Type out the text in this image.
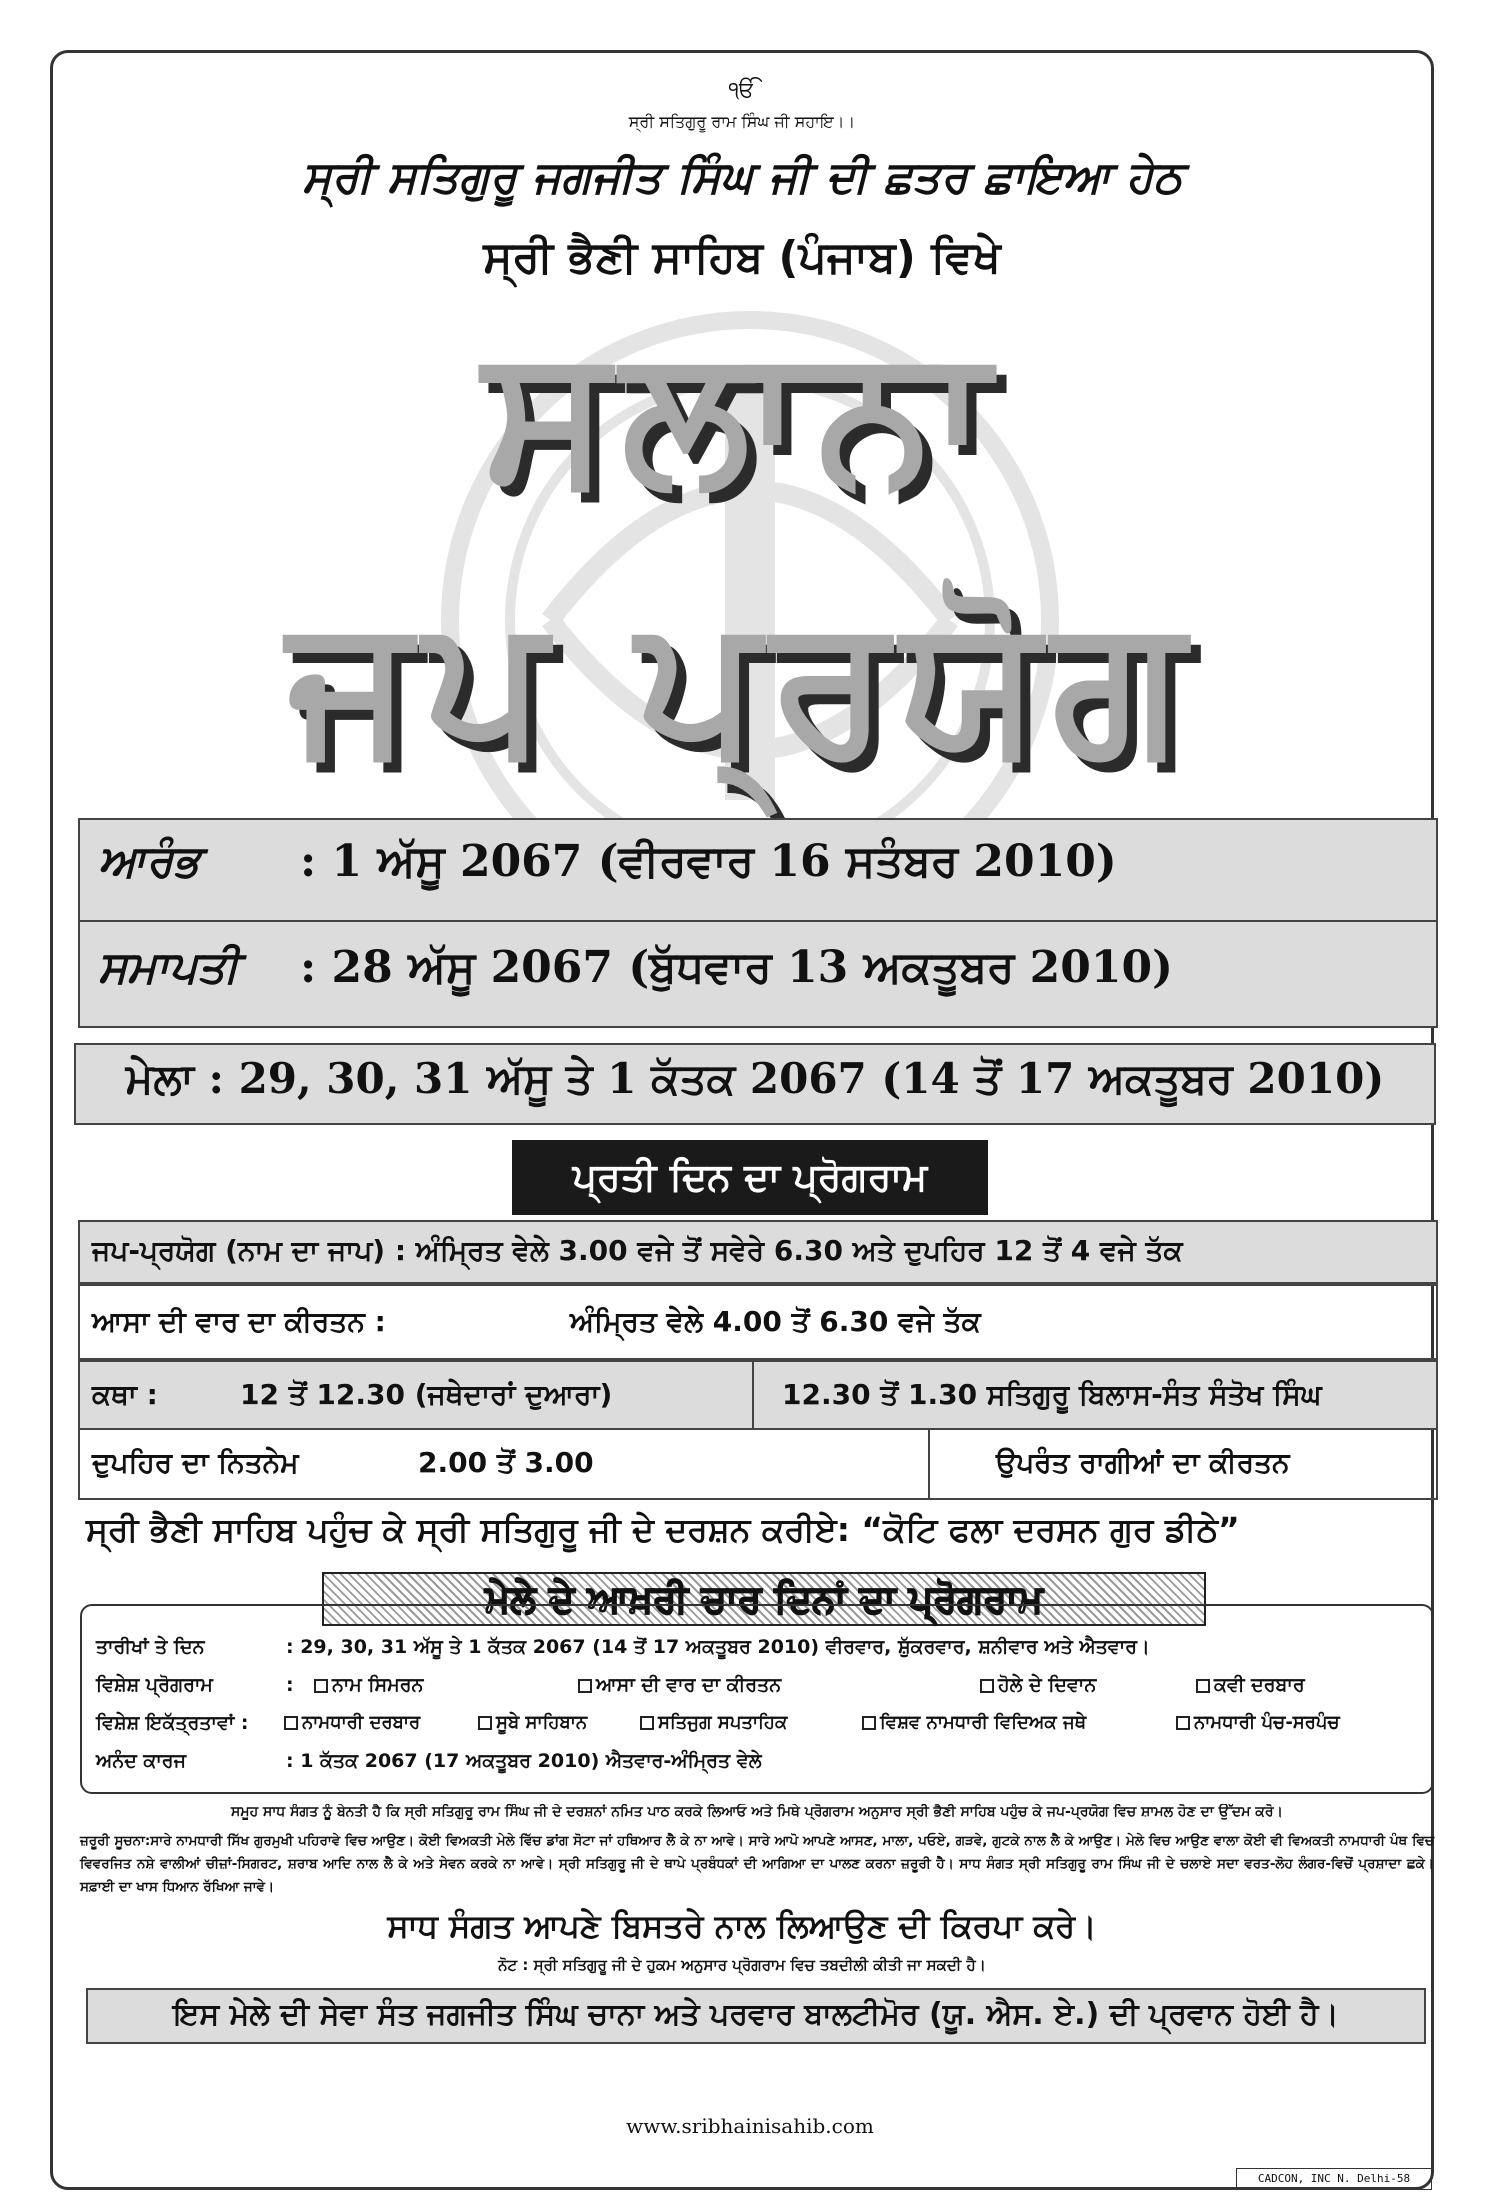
ੴ
ਸ੍ਰੀ ਸਤਿਗੁਰੂ ਰਾਮ ਸਿੰਘ ਜੀ ਸਹਾਇ।।
ਸ੍ਰੀ ਸਤਿਗੁਰੂ ਜਗਜੀਤ ਸਿੰਘ ਜੀ ਦੀ ਛਤਰ ਛਾਇਆ ਹੇਠ
ਸ੍ਰੀ ਭੈਣੀ ਸਾਹਿਬ (ਪੰਜਾਬ) ਵਿਖੇ
ਸਲਾਨਾ
ਜਪ ਪ੍ਰਯੋਗ
ਆਰੰਭ : 1 ਅੱਸੂ 2067 (ਵੀਰਵਾਰ 16 ਸਤੰਬਰ 2010)
ਸਮਾਪਤੀ : 28 ਅੱਸੂ 2067 (ਬੁੱਧਵਾਰ 13 ਅਕਤੂਬਰ 2010)
ਮੇਲਾ : 29, 30, 31 ਅੱਸੂ ਤੇ 1 ਕੱਤਕ 2067 (14 ਤੋਂ 17 ਅਕਤੂਬਰ 2010)
ਪ੍ਰਤੀ ਦਿਨ ਦਾ ਪ੍ਰੋਗਰਾਮ
ਜਪ-ਪ੍ਰਯੋਗ (ਨਾਮ ਦਾ ਜਾਪ) : ਅੰਮ੍ਰਿਤ ਵੇਲੇ 3.00 ਵਜੇ ਤੋਂ ਸਵੇਰੇ 6.30 ਅਤੇ ਦੁਪਹਿਰ 12 ਤੋਂ 4 ਵਜੇ ਤੱਕ
ਆਸਾ ਦੀ ਵਾਰ ਦਾ ਕੀਰਤਨ :	ਅੰਮ੍ਰਿਤ ਵੇਲੇ 4.00 ਤੋਂ 6.30 ਵਜੇ ਤੱਕ
ਕਥਾ :	12 ਤੋਂ 12.30 (ਜਥੇਦਾਰਾਂ ਦੁਆਰਾ)	12.30 ਤੋਂ 1.30 ਸਤਿਗੁਰੂ ਬਿਲਾਸ-ਸੰਤ ਸੰਤੋਖ ਸਿੰਘ
ਦੁਪਹਿਰ ਦਾ ਨਿਤਨੇਮ	2.00 ਤੋਂ 3.00	ਉਪਰੰਤ ਰਾਗੀਆਂ ਦਾ ਕੀਰਤਨ
ਸ੍ਰੀ ਭੈਣੀ ਸਾਹਿਬ ਪਹੁੰਚ ਕੇ ਸ੍ਰੀ ਸਤਿਗੁਰੂ ਜੀ ਦੇ ਦਰਸ਼ਨ ਕਰੀਏ: “ਕੋਟਿ ਫਲਾ ਦਰਸਨ ਗੁਰ ਡੀਠੇ”
ਮੇਲੇ ਦੇ ਆਖ਼ਰੀ ਚਾਰ ਦਿਨਾਂ ਦਾ ਪ੍ਰੋਗਰਾਮ
ਤਾਰੀਖਾਂ ਤੇ ਦਿਨ	: 29, 30, 31 ਅੱਸੂ ਤੇ 1 ਕੱਤਕ 2067 (14 ਤੋਂ 17 ਅਕਤੂਬਰ 2010) ਵੀਰਵਾਰ, ਸ਼ੁੱਕਰਵਾਰ, ਸ਼ਨੀਵਾਰ ਅਤੇ ਐਤਵਾਰ।
ਵਿਸ਼ੇਸ਼ ਪ੍ਰੋਗਰਾਮ	:	ਨਾਮ ਸਿਮਰਨ	ਆਸਾ ਦੀ ਵਾਰ ਦਾ ਕੀਰਤਨ	ਹੋਲੇ ਦੇ ਦਿਵਾਨ	ਕਵੀ ਦਰਬਾਰ
ਵਿਸ਼ੇਸ਼ ਇਕੱਤ੍ਰਤਾਵਾਂ :	ਨਾਮਧਾਰੀ ਦਰਬਾਰ	ਸੂਬੇ ਸਾਹਿਬਾਨ	ਸਤਿਜੁਗ ਸਪਤਾਹਿਕ	ਵਿਸ਼ਵ ਨਾਮਧਾਰੀ ਵਿਦਿਅਕ ਜਥੇ	ਨਾਮਧਾਰੀ ਪੰਚ-ਸਰਪੰਚ
ਅਨੰਦ ਕਾਰਜ	: 1 ਕੱਤਕ 2067 (17 ਅਕਤੂਬਰ 2010) ਐਤਵਾਰ-ਅੰਮ੍ਰਿਤ ਵੇਲੇ
ਸਮੂਹ ਸਾਧ ਸੰਗਤ ਨੂੰ ਬੇਨਤੀ ਹੈ ਕਿ ਸ੍ਰੀ ਸਤਿਗੁਰੂ ਰਾਮ ਸਿੰਘ ਜੀ ਦੇ ਦਰਸ਼ਨਾਂ ਨਮਿਤ ਪਾਠ ਕਰਕੇ ਲਿਆਓ ਅਤੇ ਮਿਥੇ ਪ੍ਰੋਗਰਾਮ ਅਨੁਸਾਰ ਸ੍ਰੀ ਭੈਣੀ ਸਾਹਿਬ ਪਹੁੰਚ ਕੇ ਜਪ-ਪ੍ਰਯੋਗ ਵਿਚ ਸ਼ਾਮਲ ਹੋਣ ਦਾ ਉੱਦਮ ਕਰੋ।
ਜ਼ਰੂਰੀ ਸੂਚਨਾ:ਸਾਰੇ ਨਾਮਧਾਰੀ ਸਿੱਖ ਗੁਰਮੁਖੀ ਪਹਿਰਾਵੇ ਵਿਚ ਆਉਣ। ਕੋਈ ਵਿਅਕਤੀ ਮੇਲੇ ਵਿੱਚ ਡਾਂਗ ਸੋਟਾ ਜਾਂ ਹਥਿਆਰ ਲੈ ਕੇ ਨਾ ਆਵੇ। ਸਾਰੇ ਆਪੋ ਆਪਣੇ ਆਸਣ, ਮਾਲਾ, ਪਓਏ, ਗੜਵੇ, ਗੁਟਕੇ ਨਾਲ ਲੈ ਕੇ ਆਉਣ। ਮੇਲੇ ਵਿਚ ਆਉਣ ਵਾਲਾ ਕੋਈ ਵੀ ਵਿਅਕਤੀ ਨਾਮਧਾਰੀ ਪੰਥ ਵਿਚ ਵਿਵਰਜਿਤ ਨਸ਼ੇ ਵਾਲੀਆਂ ਚੀਜ਼ਾਂ-ਸਿਗਰਟ, ਸ਼ਰਾਬ ਆਦਿ ਨਾਲ ਲੈ ਕੇ ਅਤੇ ਸੇਵਨ ਕਰਕੇ ਨਾ ਆਵੇ। ਸ੍ਰੀ ਸਤਿਗੁਰੂ ਜੀ ਦੇ ਥਾਪੇ ਪ੍ਰਬੰਧਕਾਂ ਦੀ ਆਗਿਆ ਦਾ ਪਾਲਣ ਕਰਨਾ ਜ਼ਰੂਰੀ ਹੈ। ਸਾਧ ਸੰਗਤ ਸ੍ਰੀ ਸਤਿਗੁਰੂ ਰਾਮ ਸਿੰਘ ਜੀ ਦੇ ਚਲਾਏ ਸਦਾ ਵਰਤ-ਲੋਹ ਲੰਗਰ-ਵਿਚੋਂ ਪ੍ਰਸ਼ਾਦਾ ਛਕੇ। ਸਫ਼ਾਈ ਦਾ ਖਾਸ ਧਿਆਨ ਰੱਖਿਆ ਜਾਵੇ।
ਸਾਧ ਸੰਗਤ ਆਪਣੇ ਬਿਸਤਰੇ ਨਾਲ ਲਿਆਉਣ ਦੀ ਕਿਰਪਾ ਕਰੇ।
ਨੋਟ : ਸ੍ਰੀ ਸਤਿਗੁਰੂ ਜੀ ਦੇ ਹੁਕਮ ਅਨੁਸਾਰ ਪ੍ਰੋਗਰਾਮ ਵਿਚ ਤਬਦੀਲੀ ਕੀਤੀ ਜਾ ਸਕਦੀ ਹੈ।
ਇਸ ਮੇਲੇ ਦੀ ਸੇਵਾ ਸੰਤ ਜਗਜੀਤ ਸਿੰਘ ਚਾਨਾ ਅਤੇ ਪਰਵਾਰ ਬਾਲਟੀਮੋਰ (ਯੂ. ਐਸ. ਏ.) ਦੀ ਪ੍ਰਵਾਨ ਹੋਈ ਹੈ।
www.sribhainisahib.com
CADCON, INC N. Delhi-58
